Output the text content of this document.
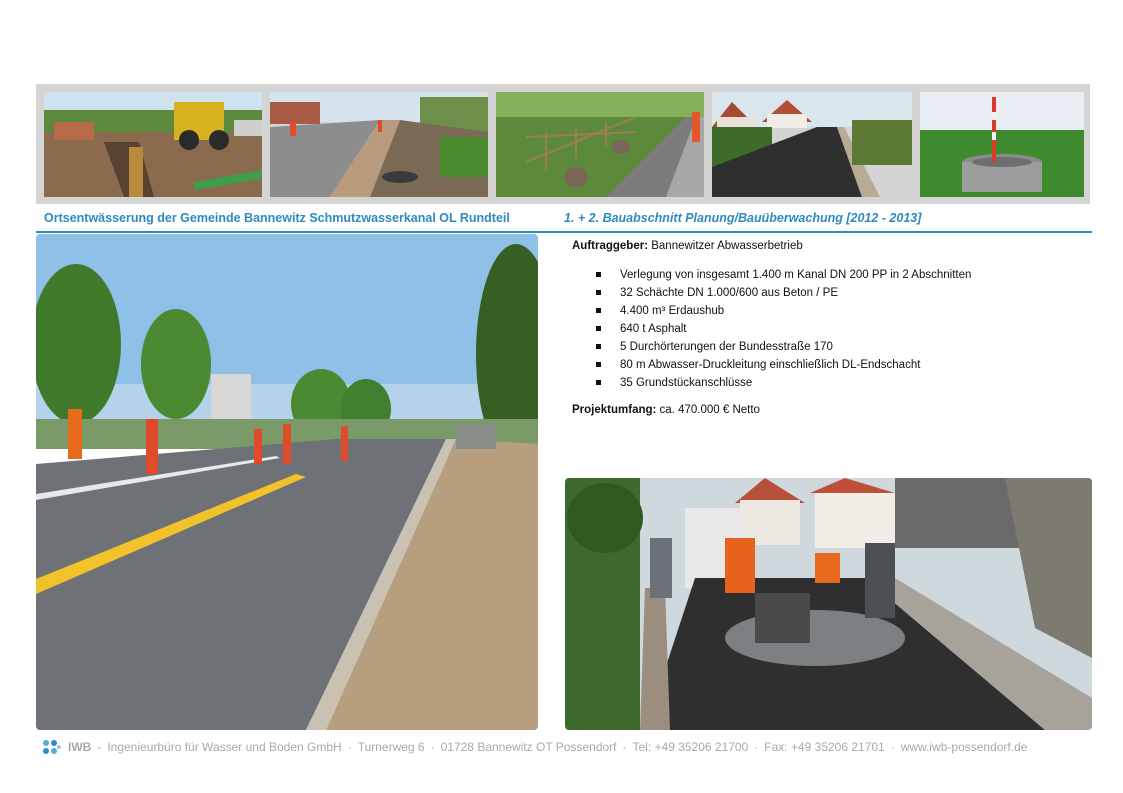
Ortsentwässerung der Gemeinde Bannewitz Schmutzwasserkanal OL Rundteil	1. + 2. Bauabschnitt Planung/Bauüberwachung [2012 - 2013]

Auftraggeber: Bannewitzer Abwasserbetrieb

Verlegung von insgesamt 1.400 m Kanal DN 200 PP in 2 Abschnitten
32 Schächte DN 1.000/600 aus Beton / PE
4.400 m³ Erdaushub
640 t Asphalt
5 Durchörterungen der Bundesstraße 170
80 m Abwasser-Druckleitung einschließlich DL-Endschacht
35 Grundstückanschlüsse

Projektumfang: ca. 470.000 € Netto

IWB - Ingenieurbüro für Wasser und Boden GmbH · Turnerweg 6 · 01728 Bannewitz OT Possendorf · Tel: +49 35206 21700 · Fax: +49 35206 21701 · www.iwb-possendorf.de
